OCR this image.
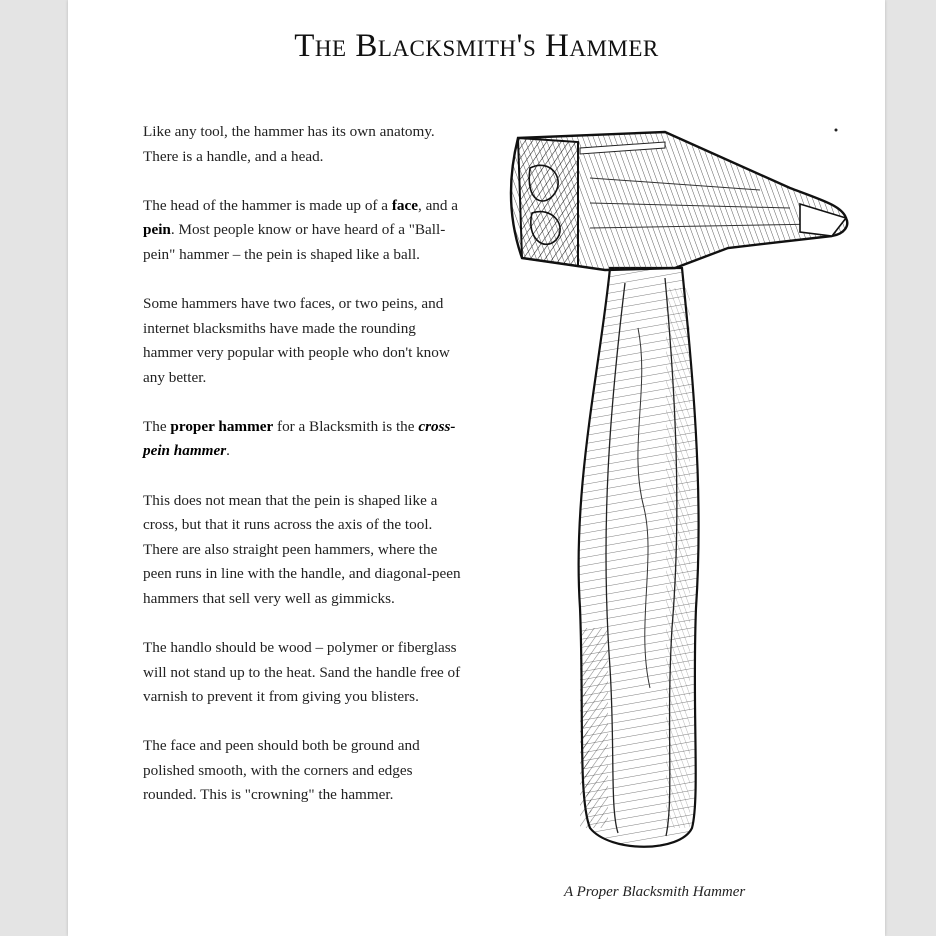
The Blacksmith's Hammer

Like any tool, the hammer has its own anatomy. There is a handle, and a head.

The head of the hammer is made up of a face, and a pein. Most people know or have heard of a "Ball-pein" hammer – the pein is shaped like a ball.

Some hammers have two faces, or two peins, and internet blacksmiths have made the rounding hammer very popular with people who don't know any better.

The proper hammer for a Blacksmith is the cross-pein hammer.

This does not mean that the pein is shaped like a cross, but that it runs across the axis of the tool. There are also straight peen hammers, where the peen runs in line with the handle, and diagonal-peen hammers that sell very well as gimmicks.

The handlo should be wood – polymer or fiberglass will not stand up to the heat. Sand the handle free of varnish to prevent it from giving you blisters.

The face and peen should both be ground and polished smooth, with the corners and edges rounded. This is "crowning" the hammer.

A Proper Blacksmith Hammer
